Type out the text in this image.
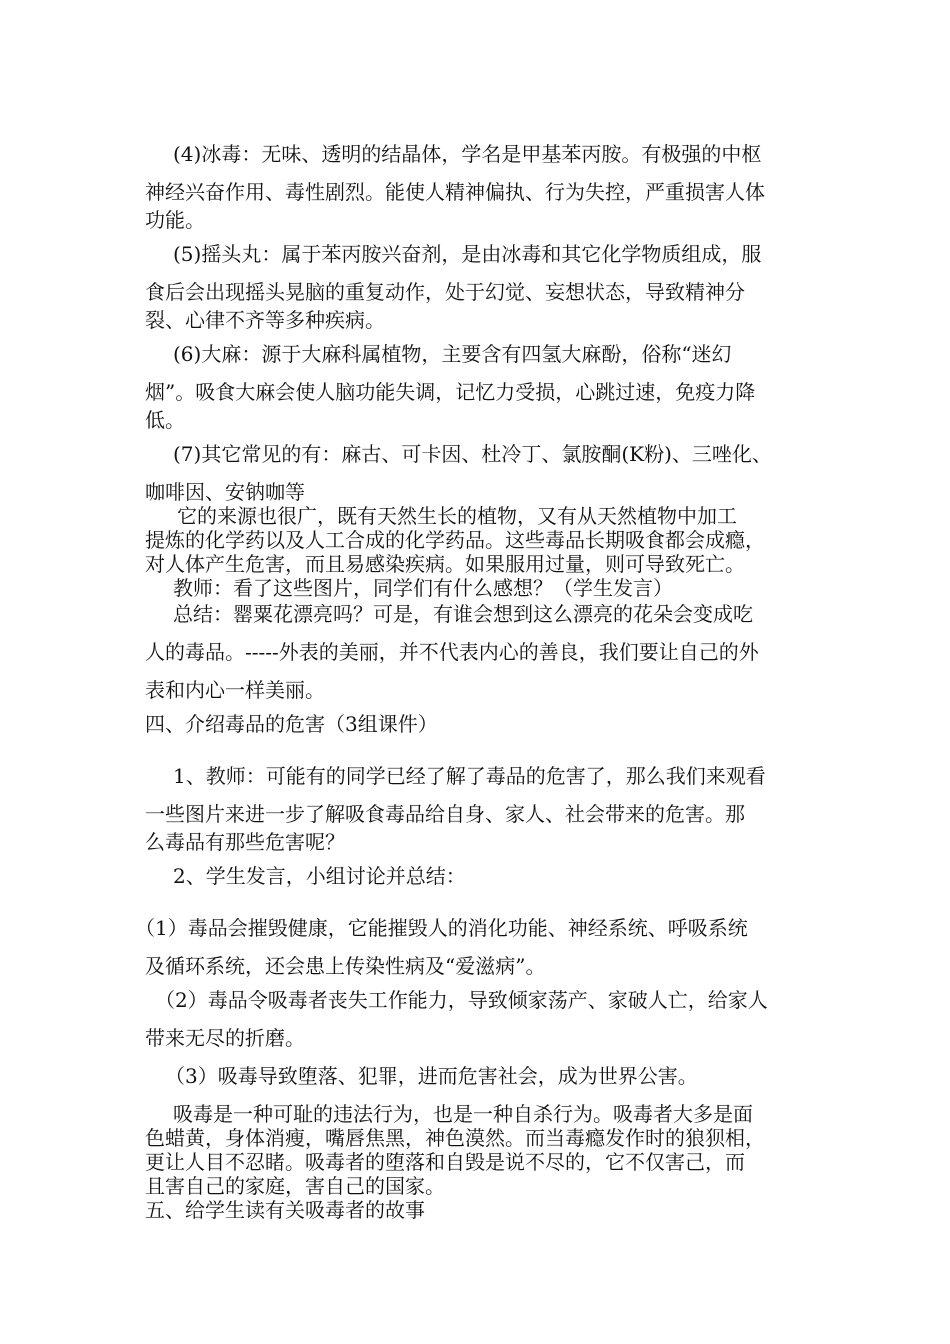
(4)冰毒：无味、透明的结晶体，学名是甲基苯丙胺。有极强的中枢
神经兴奋作用、毒性剧烈。能使人精神偏执、行为失控，严重损害人体
功能。
(5)摇头丸：属于苯丙胺兴奋剂，是由冰毒和其它化学物质组成，服
食后会出现摇头晃脑的重复动作，处于幻觉、妄想状态，导致精神分
裂、心律不齐等多种疾病。
(6)大麻：源于大麻科属植物，主要含有四氢大麻酚，俗称“迷幻
烟”。吸食大麻会使人脑功能失调，记忆力受损，心跳过速，免疫力降
低。
(7)其它常见的有：麻古、可卡因、杜冷丁、氯胺酮(K粉)、三唑化、
咖啡因、安钠咖等
它的来源也很广，既有天然生长的植物，又有从天然植物中加工
提炼的化学药以及人工合成的化学药品。这些毒品长期吸食都会成瘾，
对人体产生危害，而且易感染疾病。如果服用过量，则可导致死亡。
教师：看了这些图片，同学们有什么感想？（学生发言）
总结：罂粟花漂亮吗？可是，有谁会想到这么漂亮的花朵会变成吃
人的毒品。-----外表的美丽，并不代表内心的善良，我们要让自己的外
表和内心一样美丽。
四、介绍毒品的危害（3组课件）
1、教师：可能有的同学已经了解了毒品的危害了，那么我们来观看
一些图片来进一步了解吸食毒品给自身、家人、社会带来的危害。那
么毒品有那些危害呢？
2、学生发言，小组讨论并总结：
（1）毒品会摧毁健康，它能摧毁人的消化功能、神经系统、呼吸系统
及循环系统，还会患上传染性病及“爱滋病”。
（2）毒品令吸毒者丧失工作能力，导致倾家荡产、家破人亡，给家人
带来无尽的折磨。
（3）吸毒导致堕落、犯罪，进而危害社会，成为世界公害。
吸毒是一种可耻的违法行为，也是一种自杀行为。吸毒者大多是面
色蜡黄，身体消瘦，嘴唇焦黑，神色漠然。而当毒瘾发作时的狼狈相，
更让人目不忍睹。吸毒者的堕落和自毁是说不尽的，它不仅害己，而
且害自己的家庭，害自己的国家。
五、给学生读有关吸毒者的故事
